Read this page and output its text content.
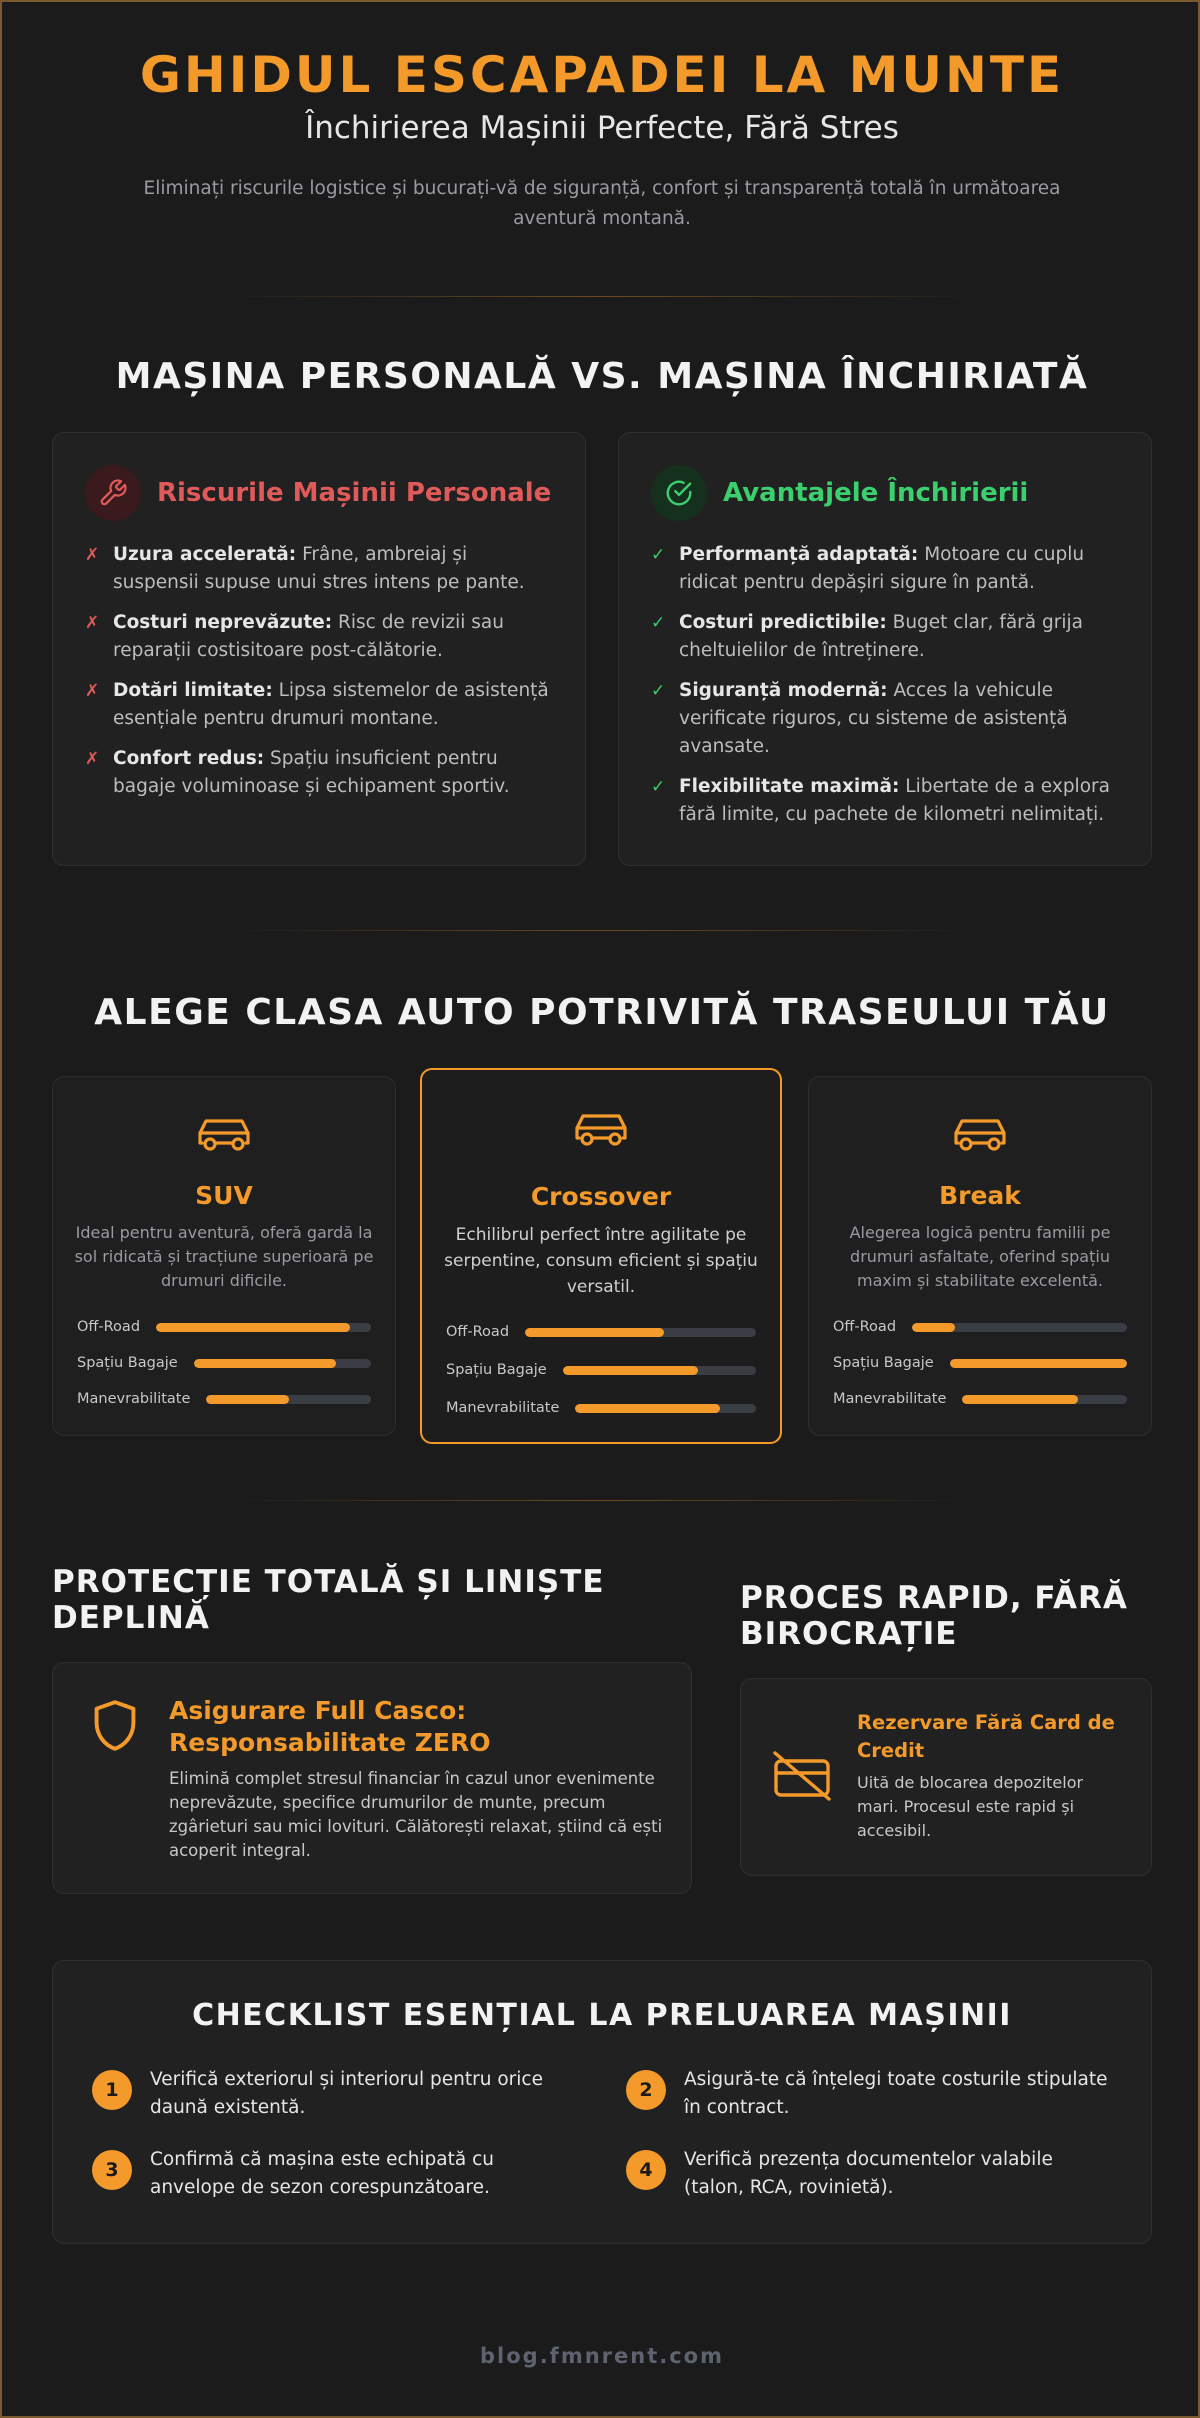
GHIDUL ESCAPADEI LA MUNTE
Închirierea Mașinii Perfecte, Fără Stres
Eliminați riscurile logistice și bucurați-vă de siguranță, confort și transparență totală în următoarea aventură montană.
MAȘINA PERSONALĂ VS. MAȘINA ÎNCHIRIATĂ
Riscurile Mașinii Personale
✗ Uzura accelerată: Frâne, ambreiaj și suspensii supuse unui stres intens pe pante.
✗ Costuri neprevăzute: Risc de revizii sau reparații costisitoare post-călătorie.
✗ Dotări limitate: Lipsa sistemelor de asistență esențiale pentru drumuri montane.
✗ Confort redus: Spațiu insuficient pentru bagaje voluminoase și echipament sportiv.
Avantajele Închirierii
✓ Performanță adaptată: Motoare cu cuplu ridicat pentru depășiri sigure în pantă.
✓ Costuri predictibile: Buget clar, fără grija cheltuielilor de întreținere.
✓ Siguranță modernă: Acces la vehicule verificate riguros, cu sisteme de asistență avansate.
✓ Flexibilitate maximă: Libertate de a explora fără limite, cu pachete de kilometri nelimitați.
ALEGE CLASA AUTO POTRIVITĂ TRASEULUI TĂU
SUV
Ideal pentru aventură, oferă gardă la sol ridicată și tracțiune superioară pe drumuri dificile.
Off-Road
Spațiu Bagaje
Manevrabilitate
Crossover
Echilibrul perfect între agilitate pe serpentine, consum eficient și spațiu versatil.
Off-Road
Spațiu Bagaje
Manevrabilitate
Break
Alegerea logică pentru familii pe drumuri asfaltate, oferind spațiu maxim și stabilitate excelentă.
Off-Road
Spațiu Bagaje
Manevrabilitate
PROTECȚIE TOTALĂ ȘI LINIȘTE DEPLINĂ
Asigurare Full Casco: Responsabilitate ZERO
Elimină complet stresul financiar în cazul unor evenimente neprevăzute, specifice drumurilor de munte, precum zgârieturi sau mici lovituri. Călătorești relaxat, știind că ești acoperit integral.
PROCES RAPID, FĂRĂ BIROCRAȚIE
Rezervare Fără Card de Credit
Uită de blocarea depozitelor mari. Procesul este rapid și accesibil.
CHECKLIST ESENȚIAL LA PRELUAREA MAȘINII
1	Verifică exteriorul și interiorul pentru orice daună existentă.
2	Asigură-te că înțelegi toate costurile stipulate în contract.
3	Confirmă că mașina este echipată cu anvelope de sezon corespunzătoare.
4	Verifică prezența documentelor valabile (talon, RCA, rovinietă).
blog.fmnrent.com
